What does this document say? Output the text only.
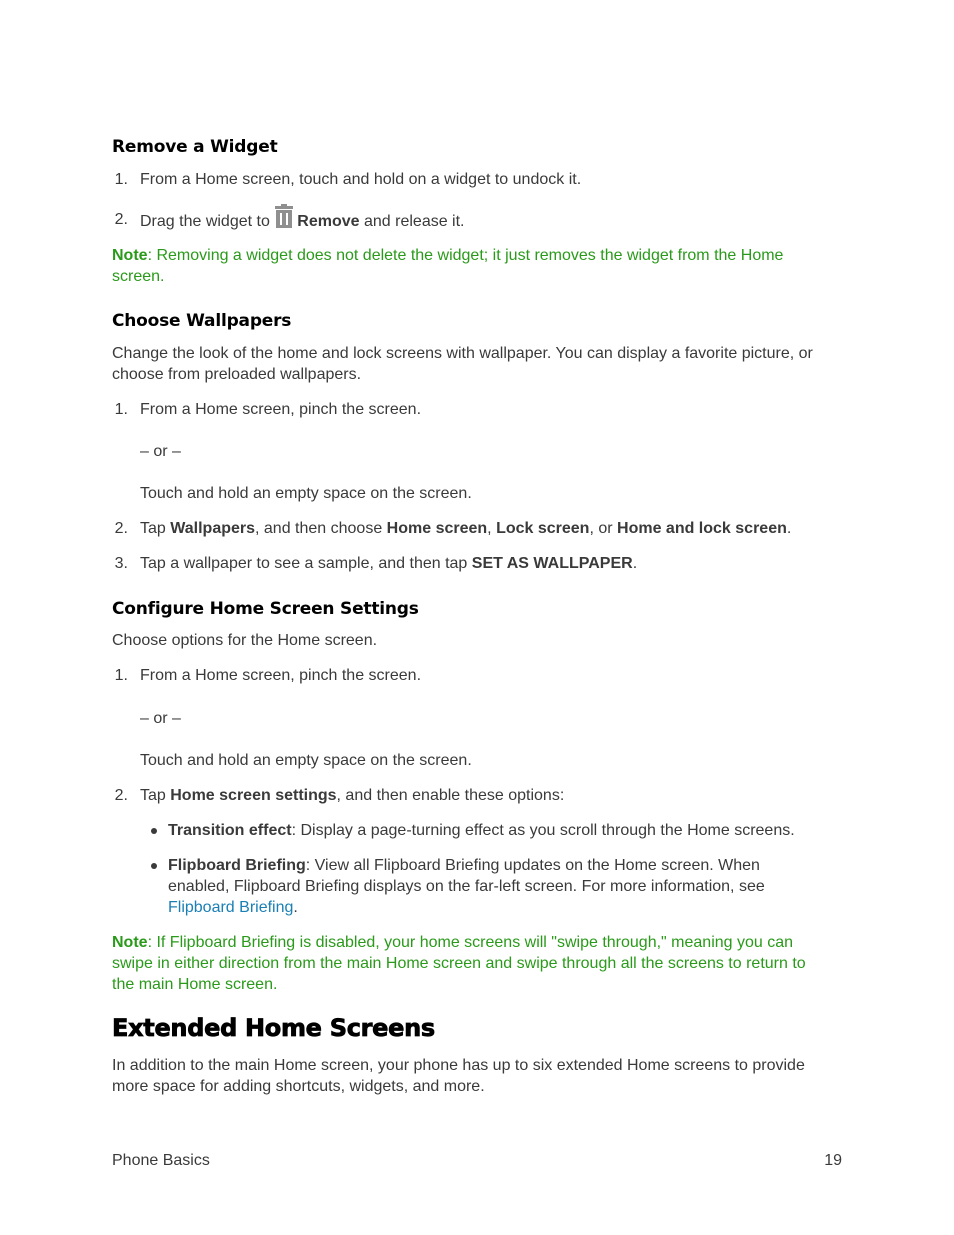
Remove a Widget
1. From a Home screen, touch and hold on a widget to undock it.
2. Drag the widget to
Remove and release it.
Note: Removing a widget does not delete the widget; it just removes the widget from the Home
screen.
Choose Wallpapers
Change the look of the home and lock screens with wallpaper. You can display a favorite picture, or
choose from preloaded wallpapers.
1. From a Home screen, pinch the screen.
– or –
Touch and hold an empty space on the screen.
2. Tap Wallpapers, and then choose Home screen, Lock screen, or Home and lock screen.
3. Tap a wallpaper to see a sample, and then tap SET AS WALLPAPER.
Configure Home Screen Settings
Choose options for the Home screen.
1. From a Home screen, pinch the screen.
– or –
Touch and hold an empty space on the screen.
2. Tap Home screen settings, and then enable these options:
Transition effect: Display a page-turning effect as you scroll through the Home screens.
Flipboard Briefing: View all Flipboard Briefing updates on the Home screen. When
enabled, Flipboard Briefing displays on the far-left screen. For more information, see
Flipboard Briefing.
Note: If Flipboard Briefing is disabled, your home screens will "swipe through," meaning you can
swipe in either direction from the main Home screen and swipe through all the screens to return to
the main Home screen.
Extended Home Screens
In addition to the main Home screen, your phone has up to six extended Home screens to provide
more space for adding shortcuts, widgets, and more.
Phone Basics	19
